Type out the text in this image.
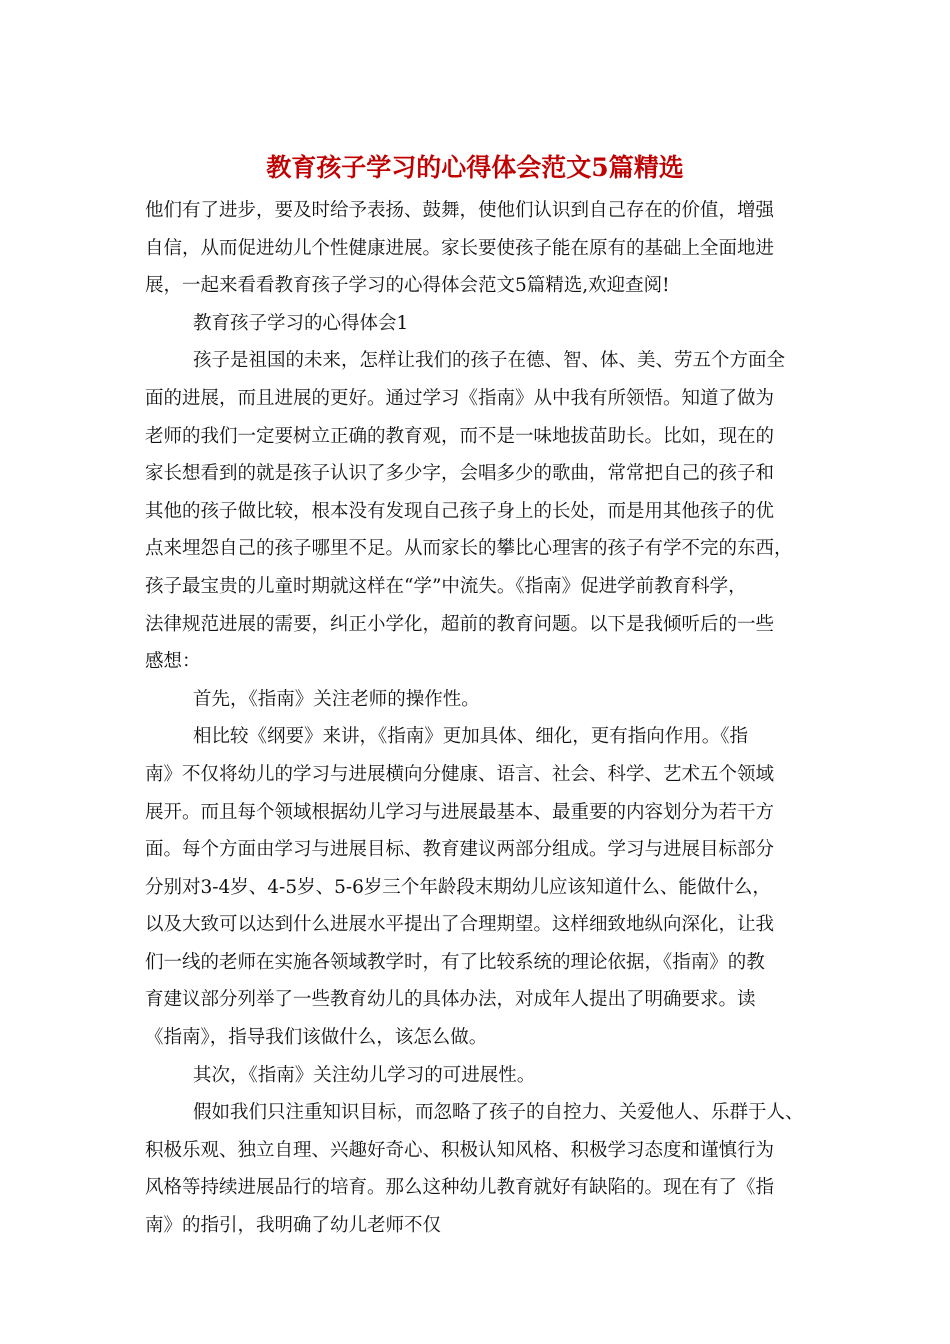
教育孩子学习的心得体会范文5篇精选
他们有了进步，要及时给予表扬、鼓舞，使他们认识到自己存在的价值，增强
自信，从而促进幼儿个性健康进展。家长要使孩子能在原有的基础上全面地进
展，一起来看看教育孩子学习的心得体会范文5篇精选,欢迎查阅!
教育孩子学习的心得体会1
孩子是祖国的未来，怎样让我们的孩子在德、智、体、美、劳五个方面全
面的进展，而且进展的更好。通过学习《指南》从中我有所领悟。知道了做为
老师的我们一定要树立正确的教育观，而不是一味地拔苗助长。比如，现在的
家长想看到的就是孩子认识了多少字，会唱多少的歌曲，常常把自己的孩子和
其他的孩子做比较，根本没有发现自己孩子身上的长处，而是用其他孩子的优
点来埋怨自己的孩子哪里不足。从而家长的攀比心理害的孩子有学不完的东西，
孩子最宝贵的儿童时期就这样在“学”中流失。《指南》促进学前教育科学，
法律规范进展的需要，纠正小学化，超前的教育问题。以下是我倾听后的一些
感想：
首先，《指南》关注老师的操作性。
相比较《纲要》来讲，《指南》更加具体、细化，更有指向作用。《指
南》不仅将幼儿的学习与进展横向分健康、语言、社会、科学、艺术五个领域
展开。而且每个领域根据幼儿学习与进展最基本、最重要的内容划分为若干方
面。每个方面由学习与进展目标、教育建议两部分组成。学习与进展目标部分
分别对3-4岁、4-5岁、5-6岁三个年龄段末期幼儿应该知道什么、能做什么，
以及大致可以达到什么进展水平提出了合理期望。这样细致地纵向深化，让我
们一线的老师在实施各领域教学时，有了比较系统的理论依据，《指南》的教
育建议部分列举了一些教育幼儿的具体办法，对成年人提出了明确要求。读
《指南》，指导我们该做什么，该怎么做。
其次，《指南》关注幼儿学习的可进展性。
假如我们只注重知识目标，而忽略了孩子的自控力、关爱他人、乐群于人、
积极乐观、独立自理、兴趣好奇心、积极认知风格、积极学习态度和谨慎行为
风格等持续进展品行的培育。那么这种幼儿教育就好有缺陷的。现在有了《指
南》的指引，我明确了幼儿老师不仅
